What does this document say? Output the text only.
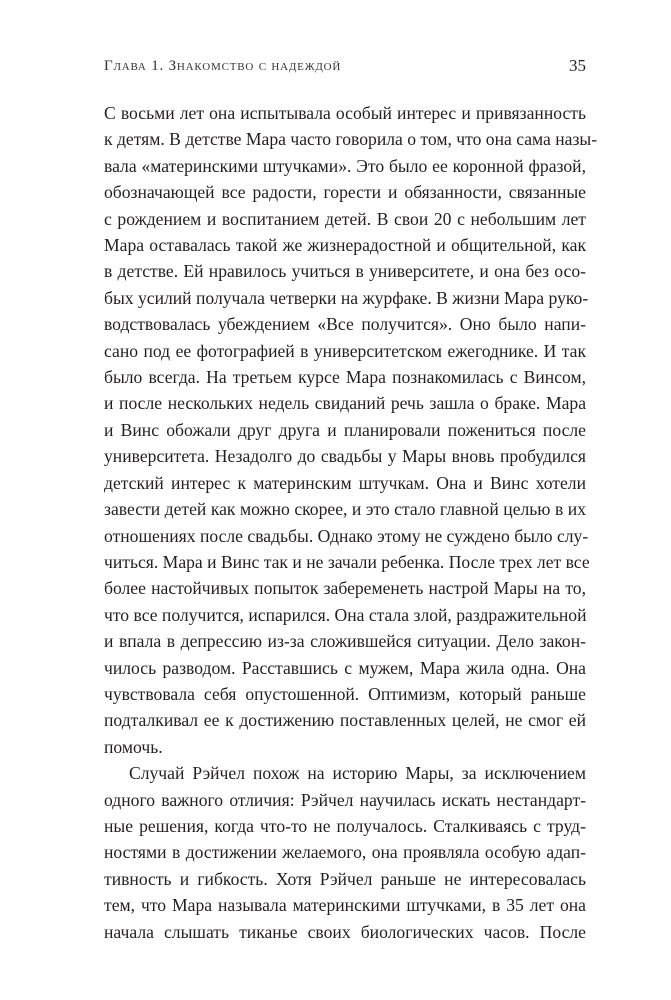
Глава 1. Знакомство с надеждой	35
С восьми лет она испытывала особый интерес и привязанность
к детям. В детстве Мара часто говорила о том, что она сама назы-
вала «материнскими штучками». Это было ее коронной фразой,
обозначающей все радости, горести и обязанности, связанные
с рождением и воспитанием детей. В свои 20 с небольшим лет
Мара оставалась такой же жизнерадостной и общительной, как
в детстве. Ей нравилось учиться в университете, и она без осо-
бых усилий получала четверки на журфаке. В жизни Мара руко-
водствовалась убеждением «Все получится». Оно было напи-
сано под ее фотографией в университетском ежегоднике. И так
было всегда. На третьем курсе Мара познакомилась с Винсом,
и после нескольких недель свиданий речь зашла о браке. Мара
и Винс обожали друг друга и планировали пожениться после
университета. Незадолго до свадьбы у Мары вновь пробудился
детский интерес к материнским штучкам. Она и Винс хотели
завести детей как можно скорее, и это стало главной целью в их
отношениях после свадьбы. Однако этому не суждено было слу-
читься. Мара и Винс так и не зачали ребенка. После трех лет все
более настойчивых попыток забеременеть настрой Мары на то,
что все получится, испарился. Она стала злой, раздражительной
и впала в депрессию из-за сложившейся ситуации. Дело закон-
чилось разводом. Расставшись с мужем, Мара жила одна. Она
чувствовала себя опустошенной. Оптимизм, который раньше
подталкивал ее к достижению поставленных целей, не смог ей
помочь.
Случай Рэйчел похож на историю Мары, за исключением
одного важного отличия: Рэйчел научилась искать нестандарт-
ные решения, когда что-то не получалось. Сталкиваясь с труд-
ностями в достижении желаемого, она проявляла особую адап-
тивность и гибкость. Хотя Рэйчел раньше не интересовалась
тем, что Мара называла материнскими штучками, в 35 лет она
начала слышать тиканье своих биологических часов. После
